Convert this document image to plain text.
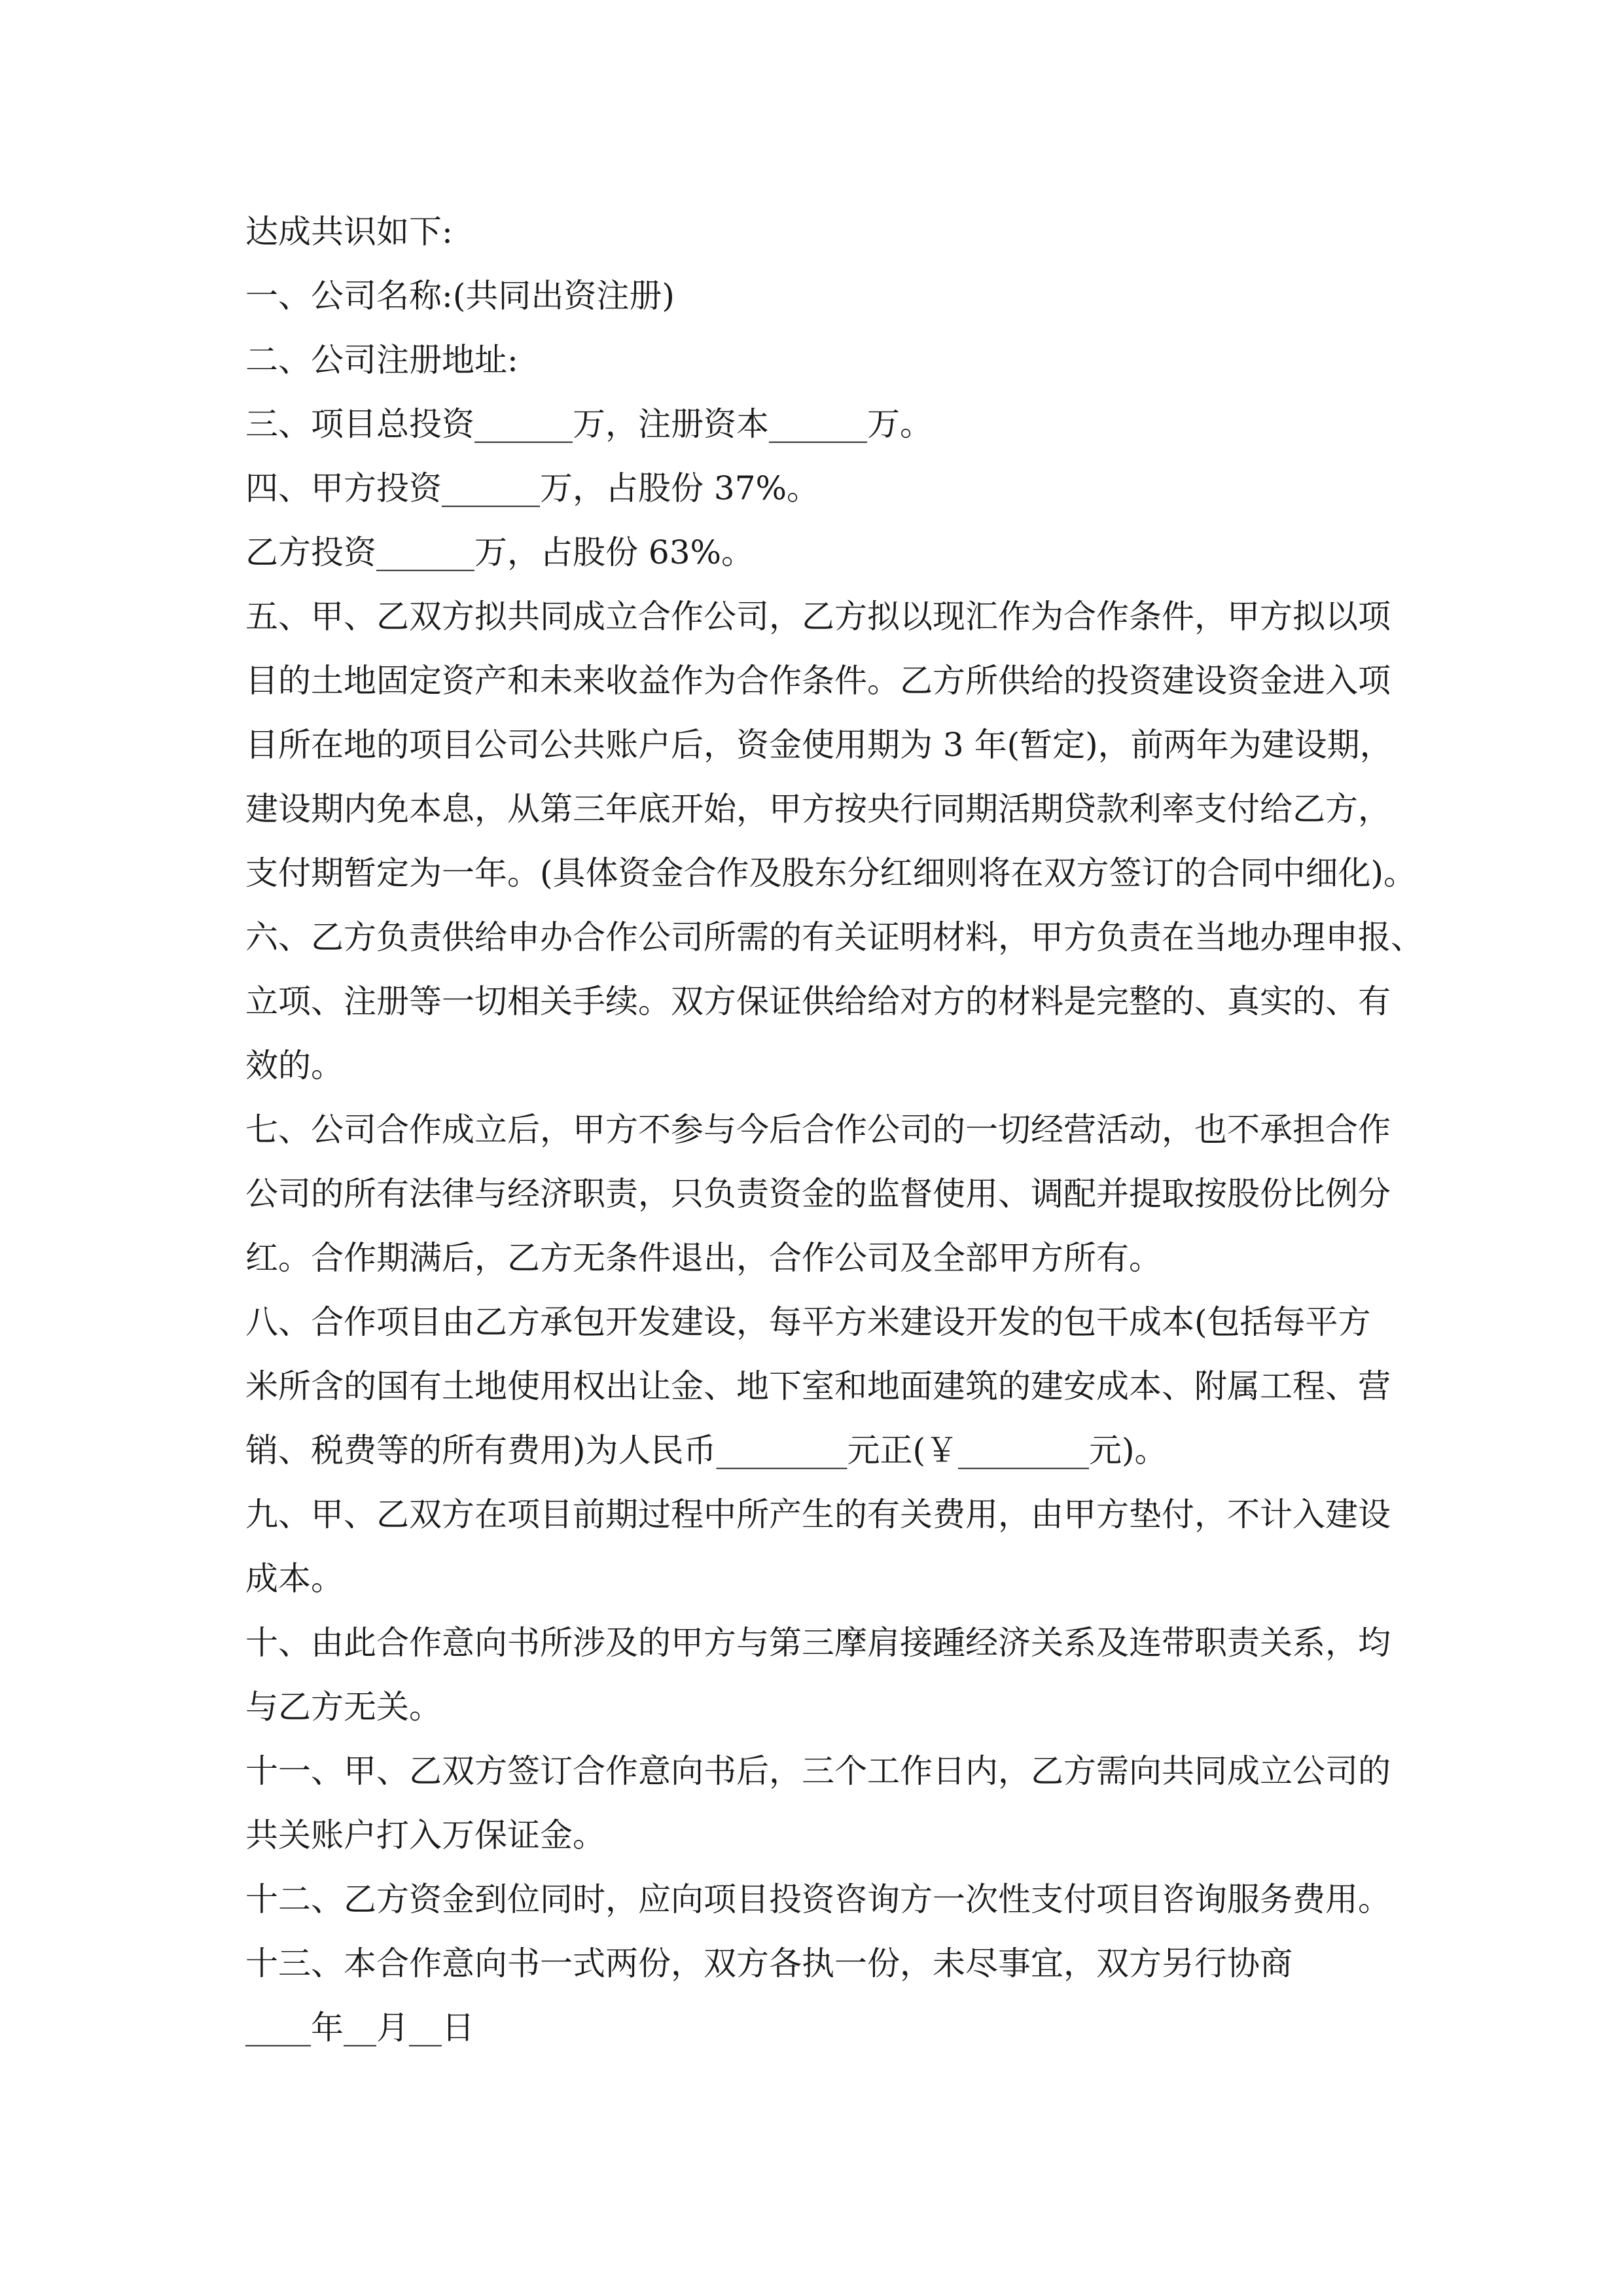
达成共识如下:
一、公司名称:(共同出资注册)
二、公司注册地址:
三、项目总投资______万，注册资本______万。
四、甲方投资______万，占股份 37%。
乙方投资______万，占股份 63%。
五、甲、乙双方拟共同成立合作公司，乙方拟以现汇作为合作条件，甲方拟以项
目的土地固定资产和未来收益作为合作条件。乙方所供给的投资建设资金进入项
目所在地的项目公司公共账户后，资金使用期为 3 年(暂定)，前两年为建设期，
建设期内免本息，从第三年底开始，甲方按央行同期活期贷款利率支付给乙方，
支付期暂定为一年。(具体资金合作及股东分红细则将在双方签订的合同中细化)。
六、乙方负责供给申办合作公司所需的有关证明材料，甲方负责在当地办理申报、
立项、注册等一切相关手续。双方保证供给给对方的材料是完整的、真实的、有
效的。
七、公司合作成立后，甲方不参与今后合作公司的一切经营活动，也不承担合作
公司的所有法律与经济职责，只负责资金的监督使用、调配并提取按股份比例分
红。合作期满后，乙方无条件退出，合作公司及全部甲方所有。
八、合作项目由乙方承包开发建设，每平方米建设开发的包干成本(包括每平方
米所含的国有土地使用权出让金、地下室和地面建筑的建安成本、附属工程、营
销、税费等的所有费用)为人民币________元正(￥________元)。
九、甲、乙双方在项目前期过程中所产生的有关费用，由甲方垫付，不计入建设
成本。
十、由此合作意向书所涉及的甲方与第三摩肩接踵经济关系及连带职责关系，均
与乙方无关。
十一、甲、乙双方签订合作意向书后，三个工作日内，乙方需向共同成立公司的
共关账户打入万保证金。
十二、乙方资金到位同时，应向项目投资咨询方一次性支付项目咨询服务费用。
十三、本合作意向书一式两份，双方各执一份，未尽事宜，双方另行协商
____年__月__日
